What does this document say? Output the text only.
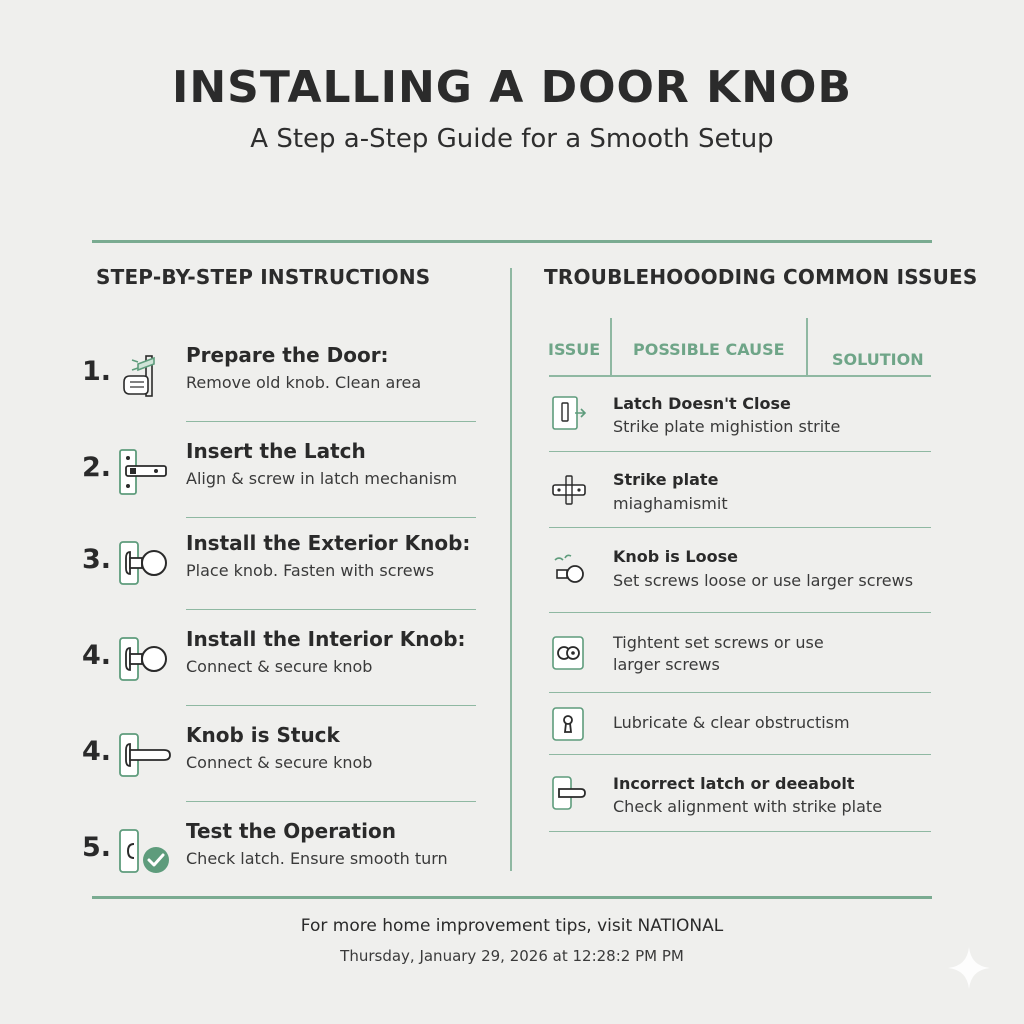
INSTALLING A DOOR KNOB
A Step a-Step Guide for a Smooth Setup
STEP-BY-STEP INSTRUCTIONS	TROUBLEHOOODING COMMON ISSUES
1.
Prepare the Door:
Remove old knob. Clean area
2.
Insert the Latch
Align & screw in latch mechanism
3.
Install the Exterior Knob:
Place knob. Fasten with screws
4.
Install the Interior Knob:
Connect & secure knob
4.
Knob is Stuck
Connect & secure knob
5.
Test the Operation
Check latch. Ensure smooth turn
ISSUE POSSIBLE CAUSE
SOLUTION
Latch Doesn't Close
Strike plate mighistion strite
Strike plate
miaghamismit
Knob is Loose
Set screws loose or use larger screws
Tightent set screws or use
larger screws
Lubricate & clear obstructism
Incorrect latch or deeabolt
Check alignment with strike plate
For more home improvement tips, visit NATIONAL
Thursday, January 29, 2026 at 12:28:2 PM PM
